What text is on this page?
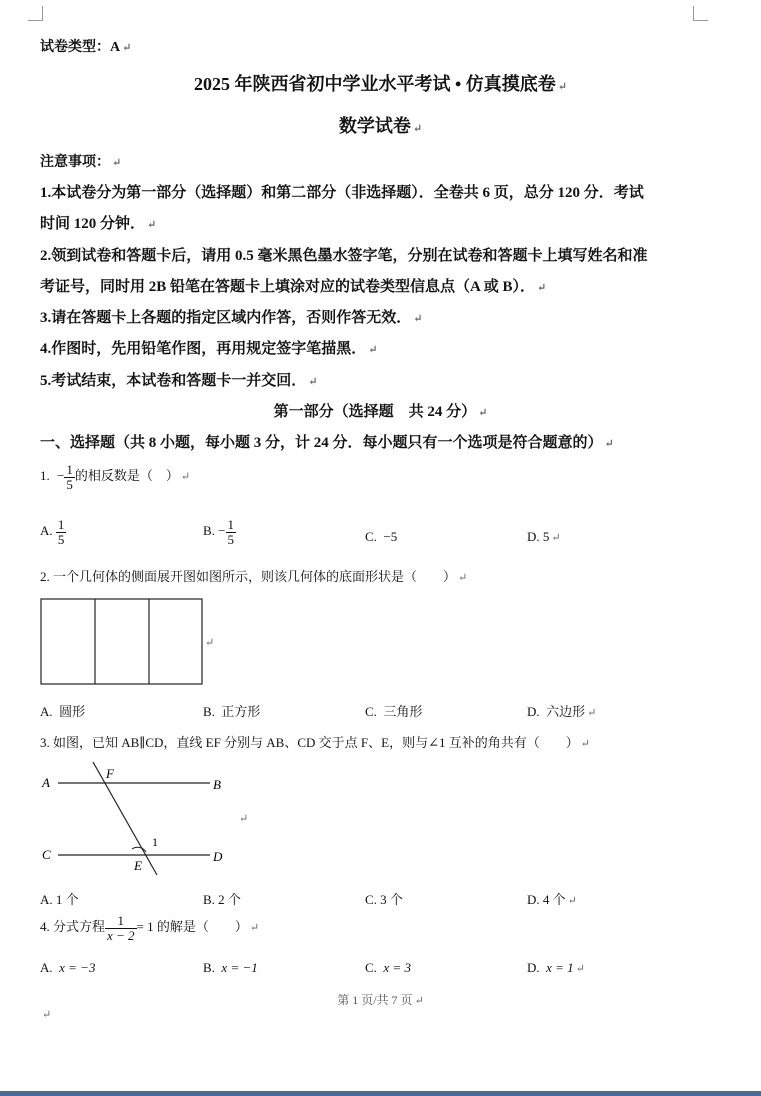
试卷类型：A ↵
2025 年陕西省初中学业水平考试 • 仿真摸底卷 ↵
数学试卷 ↵
注意事项： ↵
1.本试卷分为第一部分（选择题）和第二部分（非选择题）．全卷共 6 页，总分 120 分．考试
时间 120 分钟． ↵
2.领到试卷和答题卡后，请用 0.5 毫米黑色墨水签字笔，分别在试卷和答题卡上填写姓名和准
考证号，同时用 2B 铅笔在答题卡上填涂对应的试卷类型信息点（A 或 B）． ↵
3.请在答题卡上各题的指定区域内作答，否则作答无效． ↵
4.作图时，先用铅笔作图，再用规定签字笔描黑． ↵
5.考试结束，本试卷和答题卡一并交回． ↵
第一部分（选择题　共 24 分） ↵
一、选择题（共 8 小题，每小题 3 分，计 24 分．每小题只有一个选项是符合题意的） ↵
1. − $\frac{1}{5}$ 的相反数是（　） ↵
A. $\frac{1}{5}$	B. − $\frac{1}{5}$	C. −5	D. 5 ↵
2. 一个几何体的侧面展开图如图所示，则该几何体的底面形状是（　　） ↵
↵
A. 圆形	B. 正方形	C. 三角形	D. 六边形 ↵
3. 如图，已知 AB∥CD，直线 EF 分别与 AB、CD 交于点 F、E，则与∠1 互补的角共有（　　） ↵
A	B
C	D
F
E
1
↵
A. 1 个	B. 2 个	C. 3 个	D. 4 个 ↵
4. 分式方程 $\frac{1}{x - 2} = 1$ 的解是（　　） ↵
A. x = −3	B. x = −1	C. x = 3	D. x = 1 ↵
第 1 页/共 7 页 ↵
↵
